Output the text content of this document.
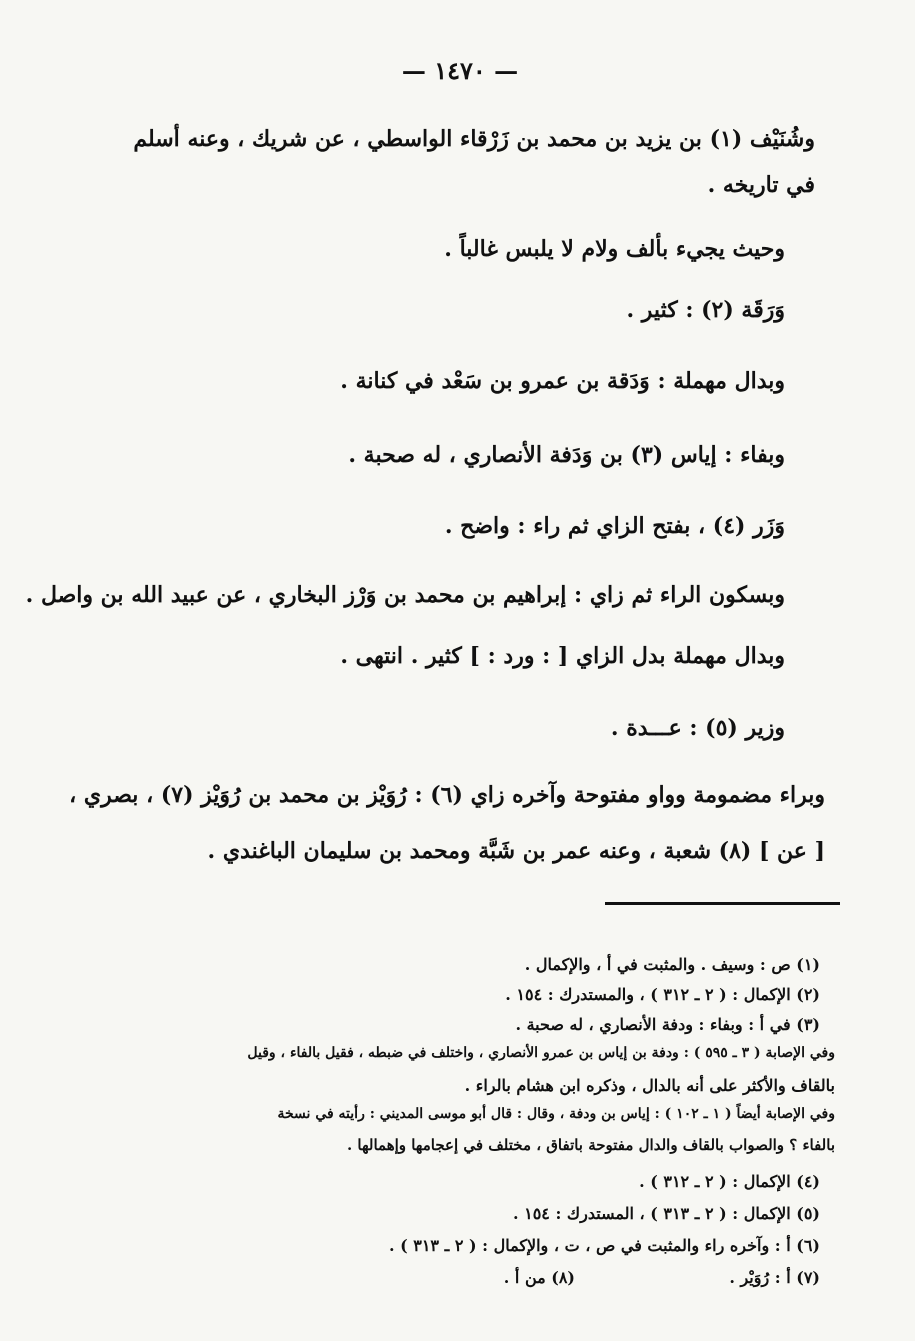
— ١٤٧٠ —
وشُنَيْف (١) بن يزيد بن محمد بن زَرْقاء الواسطي ، عن شريك ، وعنه أسلم
في تاريخه .
وحيث يجيء بألف ولام لا يلبس غالباً .
وَرَقَة (٢) : كثير .
وبدال مهملة : وَدَقة بن عمرو بن سَعْد في كنانة .
وبفاء : إياس (٣) بن وَدَفة الأنصاري ، له صحبة .
وَزَر (٤) ، بفتح الزاي ثم راء : واضح .
وبسكون الراء ثم زاي : إبراهيم بن محمد بن وَرْز البخاري ، عن عبيد الله بن واصل .
وبدال مهملة بدل الزاي [ : ورد : ] كثير . انتهى .
وزير (٥) : عـــدة .
وبراء مضمومة وواو مفتوحة وآخره زاي (٦) : رُوَيْز بن محمد بن رُوَيْز (٧) ، بصري ،
[ عن ] (٨) شعبة ، وعنه عمر بن شَبَّة ومحمد بن سليمان الباغندي .
(١) ص : وسيف . والمثبت في أ ، والإكمال .
(٢) الإكمال : ( ٢ ـ ٣١٢ ) ، والمستدرك : ١٥٤ .
(٣) في أ : وبفاء : ودفة الأنصاري ، له صحبة .
وفي الإصابة ( ٣ ـ ٥٩٥ ) : ودفة بن إياس بن عمرو الأنصاري ، واختلف في ضبطه ، فقيل بالفاء ، وقيل
بالقاف والأكثر على أنه بالدال ، وذكره ابن هشام بالراء .
وفي الإصابة أيضاً ( ١ ـ ١٠٢ ) : إياس بن ودفة ، وقال : قال أبو موسى المديني : رأيته في نسخة
بالفاء ؟ والصواب بالقاف والدال مفتوحة باتفاق ، مختلف في إعجامها وإهمالها .
(٤) الإكمال : ( ٢ ـ ٣١٢ ) .
(٥) الإكمال : ( ٢ ـ ٣١٣ ) ، المستدرك : ١٥٤ .
(٦) أ : وآخره راء والمثبت في ص ، ت ، والإكمال : ( ٢ ـ ٣١٣ ) .
(٧) أ : رُوَيْر .
(٨) من أ .
